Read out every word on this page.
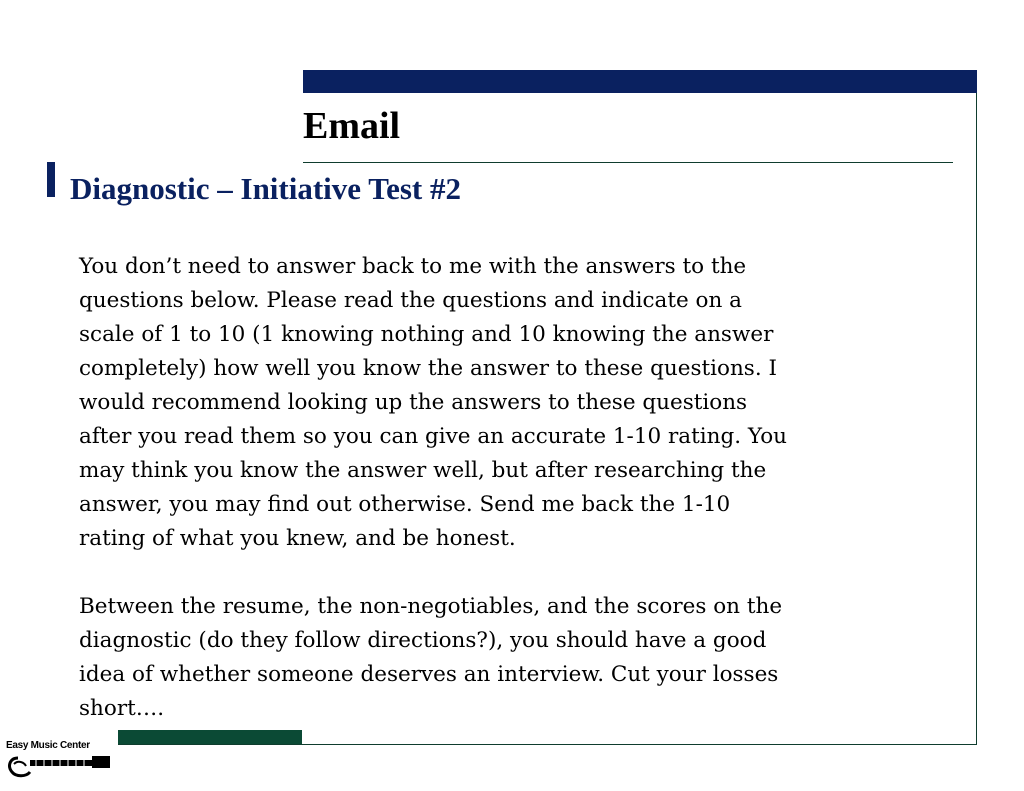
Email
Diagnostic – Initiative Test #2

You don’t need to answer back to me with the answers to the
questions below. Please read the questions and indicate on a
scale of 1 to 10 (1 knowing nothing and 10 knowing the answer
completely) how well you know the answer to these questions. I
would recommend looking up the answers to these questions
after you read them so you can give an accurate 1-10 rating. You
may think you know the answer well, but after researching the
answer, you may find out otherwise. Send me back the 1-10
rating of what you knew, and be honest.

Between the resume, the non-negotiables, and the scores on the
diagnostic (do they follow directions?), you should have a good
idea of whether someone deserves an interview. Cut your losses
short….

Easy Music Center
